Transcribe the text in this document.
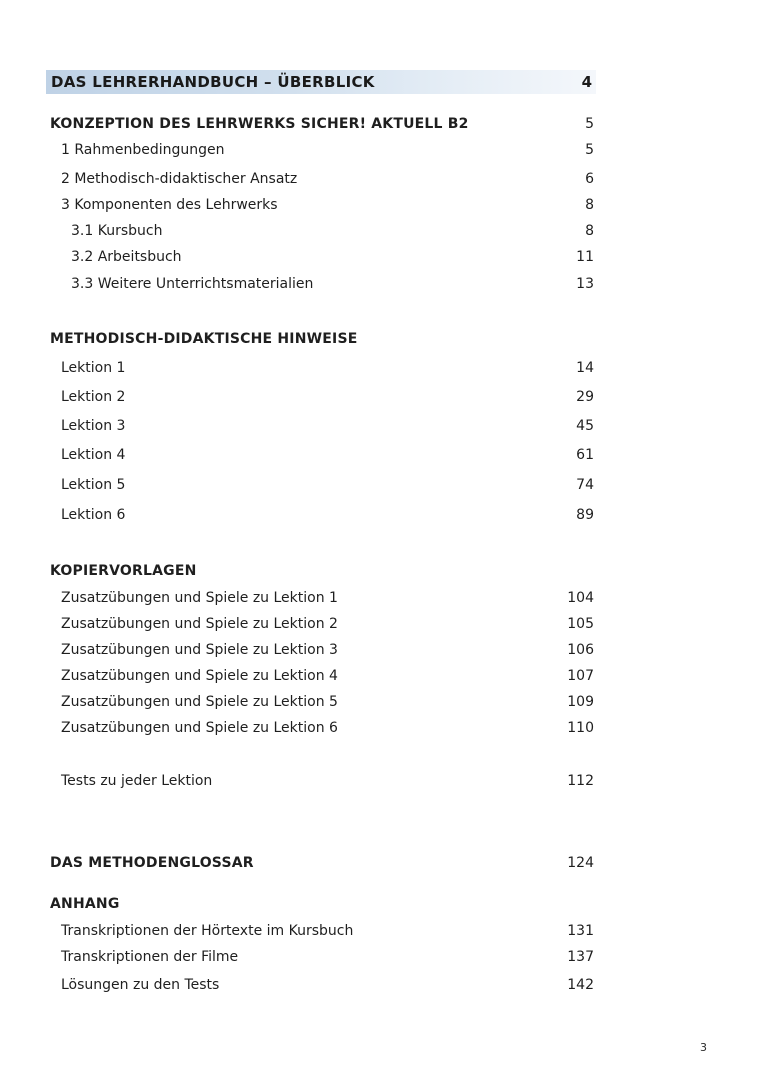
DAS LEHRERHANDBUCH – ÜBERBLICK	4
KONZEPTION DES LEHRWERKS SICHER! AKTUELL B2	5
1 Rahmenbedingungen	5
2 Methodisch-didaktischer Ansatz	6
3 Komponenten des Lehrwerks	8
3.1 Kursbuch	8
3.2 Arbeitsbuch	11
3.3 Weitere Unterrichtsmaterialien	13
METHODISCH-DIDAKTISCHE HINWEISE
Lektion 1	14
Lektion 2	29
Lektion 3	45
Lektion 4	61
Lektion 5	74
Lektion 6	89
KOPIERVORLAGEN
Zusatzübungen und Spiele zu Lektion 1	104
Zusatzübungen und Spiele zu Lektion 2	105
Zusatzübungen und Spiele zu Lektion 3	106
Zusatzübungen und Spiele zu Lektion 4	107
Zusatzübungen und Spiele zu Lektion 5	109
Zusatzübungen und Spiele zu Lektion 6	110
Tests zu jeder Lektion	112
DAS METHODENGLOSSAR	124
ANHANG
Transkriptionen der Hörtexte im Kursbuch	131
Transkriptionen der Filme	137
Lösungen zu den Tests	142
3
